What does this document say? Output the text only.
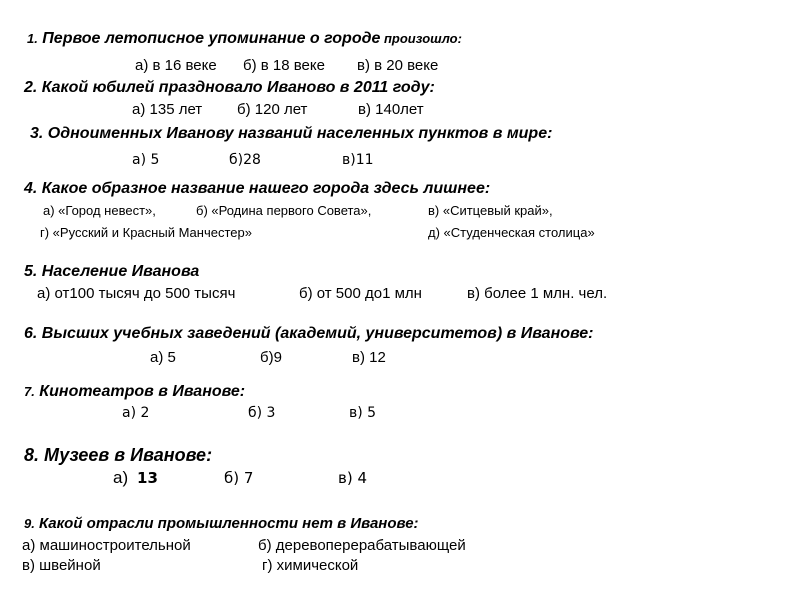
1. Первое летописное упоминание о городе произошло:
а) в 16 веке б) в 18 веке в) в 20 веке
2. Какой юбилей праздновало Иваново в 2011 году:
а) 135 лет б) 120 лет	в) 140лет
3. Одноименных Иванову названий населенных пунктов в мире:
а) 5	б)28	в)11
4. Какое образное название нашего города здесь лишнее:
а) «Город невест»,	б) «Родина первого Совета»,	в) «Ситцевый край»,
г) «Русский и Красный Манчестер»	д) «Студенческая столица»
5. Население Иванова
а) от100 тысяч до 500 тысяч	б) от 500 до1 млн	в) более 1 млн. чел.
6. Высших учебных заведений (академий, университетов) в Иванове:
а) 5	б)9	в) 12
7. Кинотеатров в Иванове:
а) 2	б) 3	в) 5
8. Музеев в Иванове:
а) 13	б) 7	в) 4
9. Какой отрасли промышленности нет в Иванове:
а) машиностроительной	б) деревоперерабатывающей
в) швейной	г) химической
